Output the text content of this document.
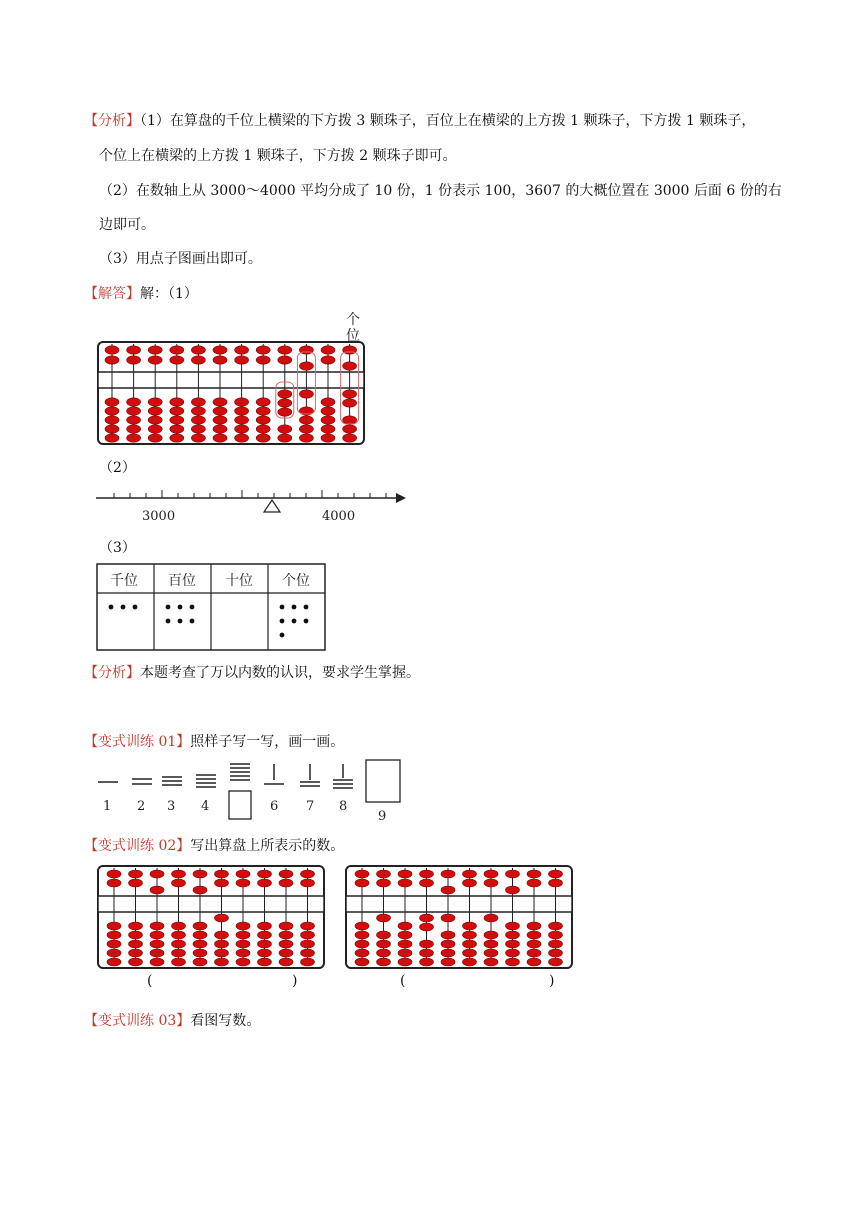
【分析】（1）在算盘的千位上横梁的下方拨 3 颗珠子，百位上在横梁的上方拨 1 颗珠子，下方拨 1 颗珠子，
个位上在横梁的上方拨 1 颗珠子，下方拨 2 颗珠子即可。
（2）在数轴上从 3000～4000 平均分成了 10 份，1 份表示 100，3607 的大概位置在 3000 后面 6 份的右
边即可。
（3）用点子图画出即可。
【解答】解：（1）
个
位
（2）
3000	4000
（3）
千位 百位 十位 个位
【分析】本题考查了万以内数的认识，要求学生掌握。
【变式训练 01】照样子写一写，画一画。
1 2 3 4	6 7 8
9
【变式训练 02】写出算盘上所表示的数。
(	)	(	)
【变式训练 03】看图写数。
